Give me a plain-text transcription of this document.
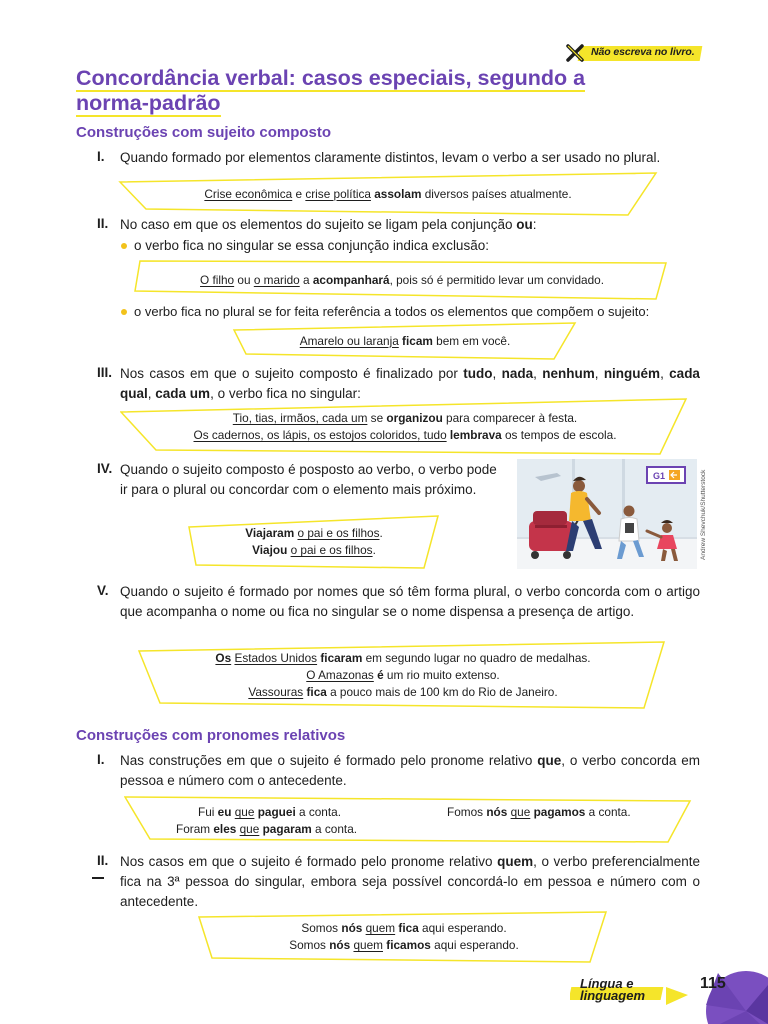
Não escreva no livro.
Concordância verbal: casos especiais, segundo a norma-padrão
Construções com sujeito composto
I. Quando formado por elementos claramente distintos, levam o verbo a ser usado no plural.
Crise econômica e crise política assolam diversos países atualmente.
II. No caso em que os elementos do sujeito se ligam pela conjunção ou:
o verbo fica no singular se essa conjunção indica exclusão:
O filho ou o marido a acompanhará, pois só é permitido levar um convidado.
o verbo fica no plural se for feita referência a todos os elementos que compõem o sujeito:
Amarelo ou laranja ficam bem em você.
III. Nos casos em que o sujeito composto é finalizado por tudo, nada, nenhum, ninguém, cada qual, cada um, o verbo fica no singular:
Tio, tias, irmãos, cada um se organizou para comparecer à festa.
Os cadernos, os lápis, os estojos coloridos, tudo lembrava os tempos de escola.
IV. Quando o sujeito composto é posposto ao verbo, o verbo pode ir para o plural ou concordar com o elemento mais próximo.
Viajaram o pai e os filhos.
Viajou o pai e os filhos.
G1	Andrew Shevchuk/Shutterstock
V. Quando o sujeito é formado por nomes que só têm forma plural, o verbo concorda com o artigo que acompanha o nome ou fica no singular se o nome dispensa a presença de artigo.
Os Estados Unidos ficaram em segundo lugar no quadro de medalhas.
O Amazonas é um rio muito extenso.
Vassouras fica a pouco mais de 100 km do Rio de Janeiro.
Construções com pronomes relativos
I. Nas construções em que o sujeito é formado pelo pronome relativo que, o verbo concorda em pessoa e número com o antecedente.
Fui eu que paguei a conta.
Foram eles que pagaram a conta.
Fomos nós que pagamos a conta.
II. Nos casos em que o sujeito é formado pelo pronome relativo quem, o verbo preferencialmente fica na 3ª pessoa do singular, embora seja possível concordá-lo em pessoa e número com o antecedente.
Somos nós quem fica aqui esperando.
Somos nós quem ficamos aqui esperando.
Língua e
linguagem
115
